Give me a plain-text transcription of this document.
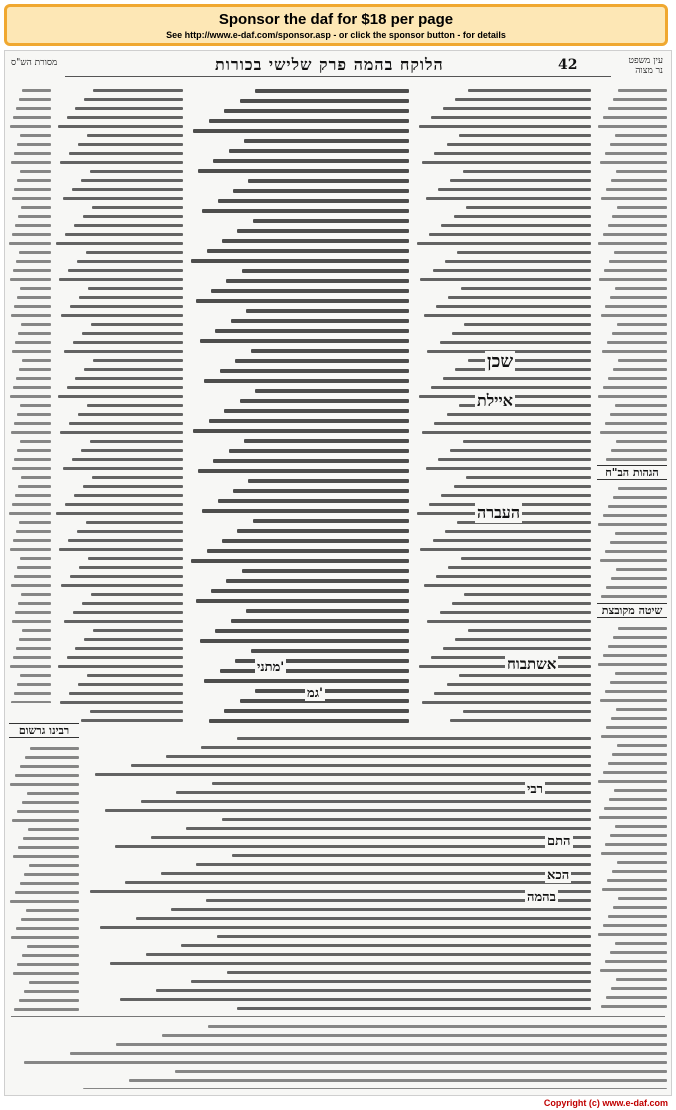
Sponsor the daf for $18 per page
See http://www.e-daf.com/sponsor.asp - or click the sponsor button - for details
מסורת הש"ס	הלוקח בהמה פרק שלישי בכורות	42	עין משפט
נר מצוה
שכן
איילת
העברה
אשתבוח
רבי
התם
הכא
בהמה
מתני'
גמ'
הגהות הב"ח
שיטה מקובצת
רבינו גרשום
Copyright (c) www.e-daf.com
